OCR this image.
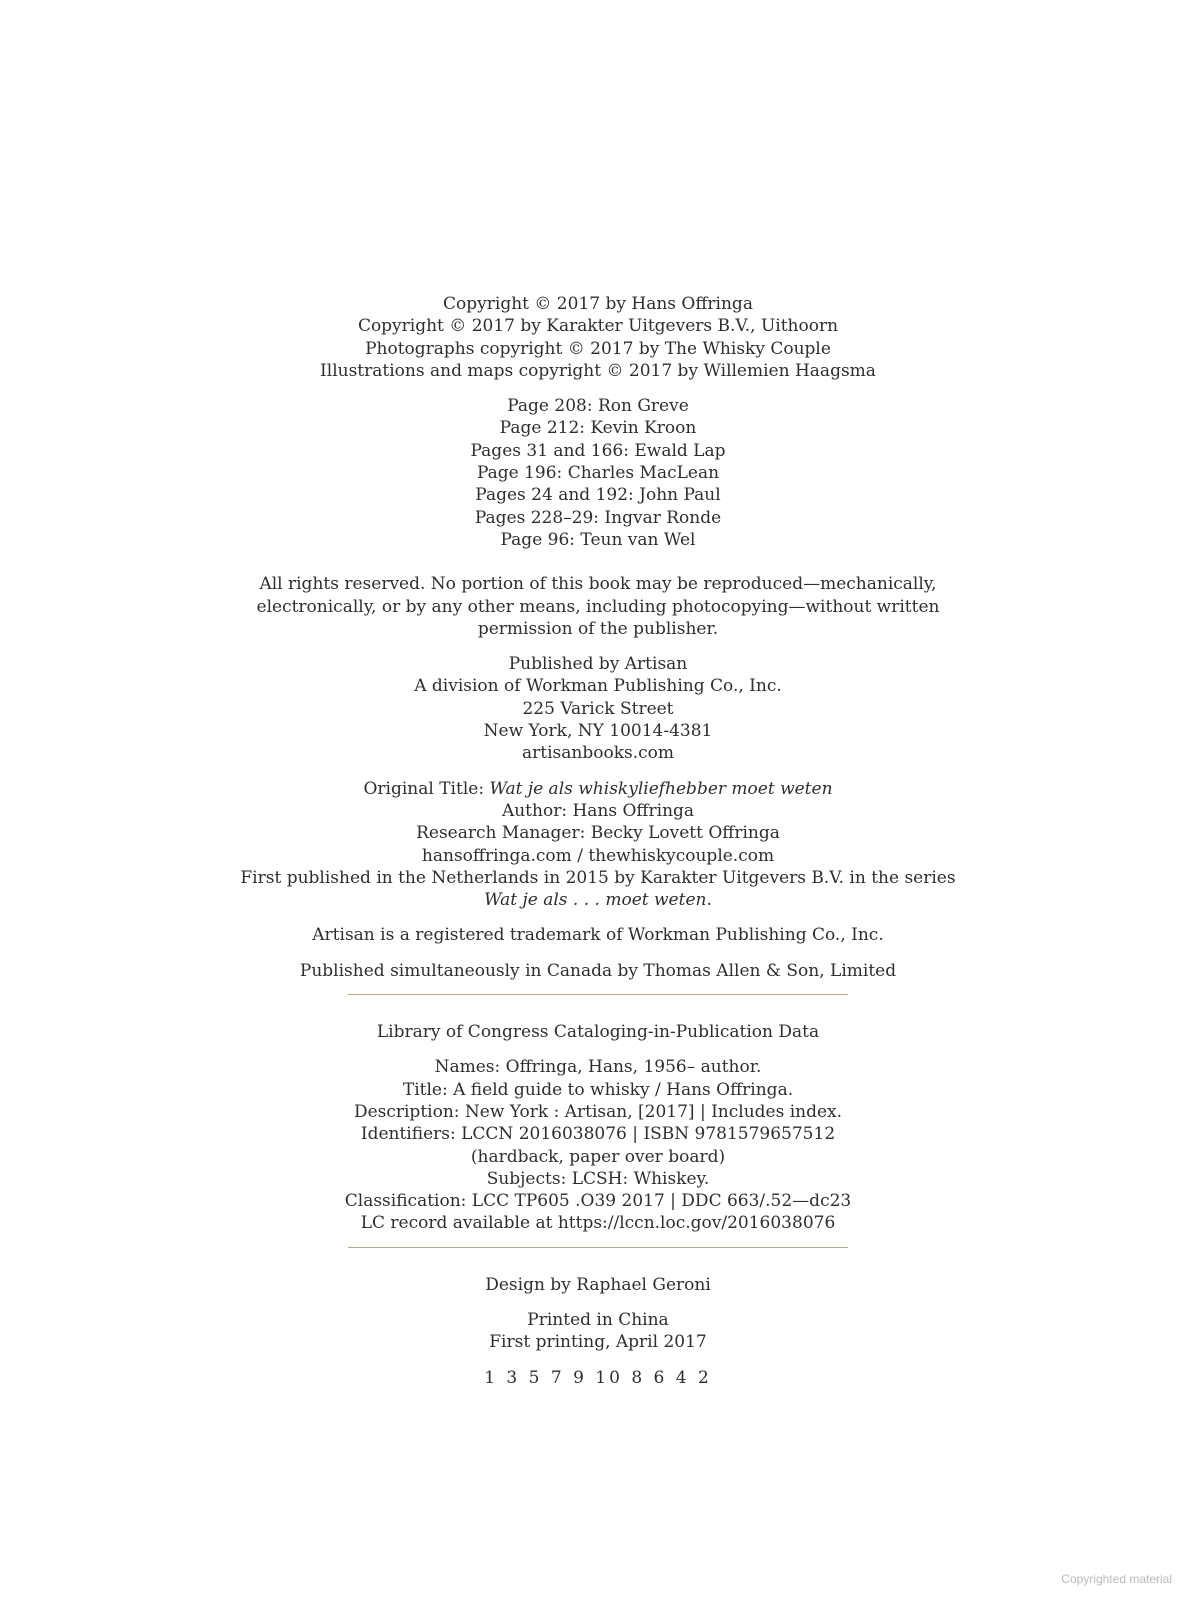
Copyright © 2017 by Hans Offringa
Copyright © 2017 by Karakter Uitgevers B.V., Uithoorn
Photographs copyright © 2017 by The Whisky Couple
Illustrations and maps copyright © 2017 by Willemien Haagsma
Page 208: Ron Greve
Page 212: Kevin Kroon
Pages 31 and 166: Ewald Lap
Page 196: Charles MacLean
Pages 24 and 192: John Paul
Pages 228–29: Ingvar Ronde
Page 96: Teun van Wel
All rights reserved. No portion of this book may be reproduced—mechanically,
electronically, or by any other means, including photocopying—without written
permission of the publisher.
Published by Artisan
A division of Workman Publishing Co., Inc.
225 Varick Street
New York, NY 10014-4381
artisanbooks.com
Original Title: Wat je als whiskyliefhebber moet weten
Author: Hans Offringa
Research Manager: Becky Lovett Offringa
hansoffringa.com / thewhiskycouple.com
First published in the Netherlands in 2015 by Karakter Uitgevers B.V. in the series
Wat je als . . . moet weten.
Artisan is a registered trademark of Workman Publishing Co., Inc.
Published simultaneously in Canada by Thomas Allen & Son, Limited
Library of Congress Cataloging-in-Publication Data
Names: Offringa, Hans, 1956– author.
Title: A field guide to whisky / Hans Offringa.
Description: New York : Artisan, [2017] | Includes index.
Identifiers: LCCN 2016038076 | ISBN 9781579657512
(hardback, paper over board)
Subjects: LCSH: Whiskey.
Classification: LCC TP605 .O39 2017 | DDC 663/.52—dc23
LC record available at https://lccn.loc.gov/2016038076
Design by Raphael Geroni
Printed in China
First printing, April 2017
1 3 5 7 9 10 8 6 4 2
Copyrighted material
